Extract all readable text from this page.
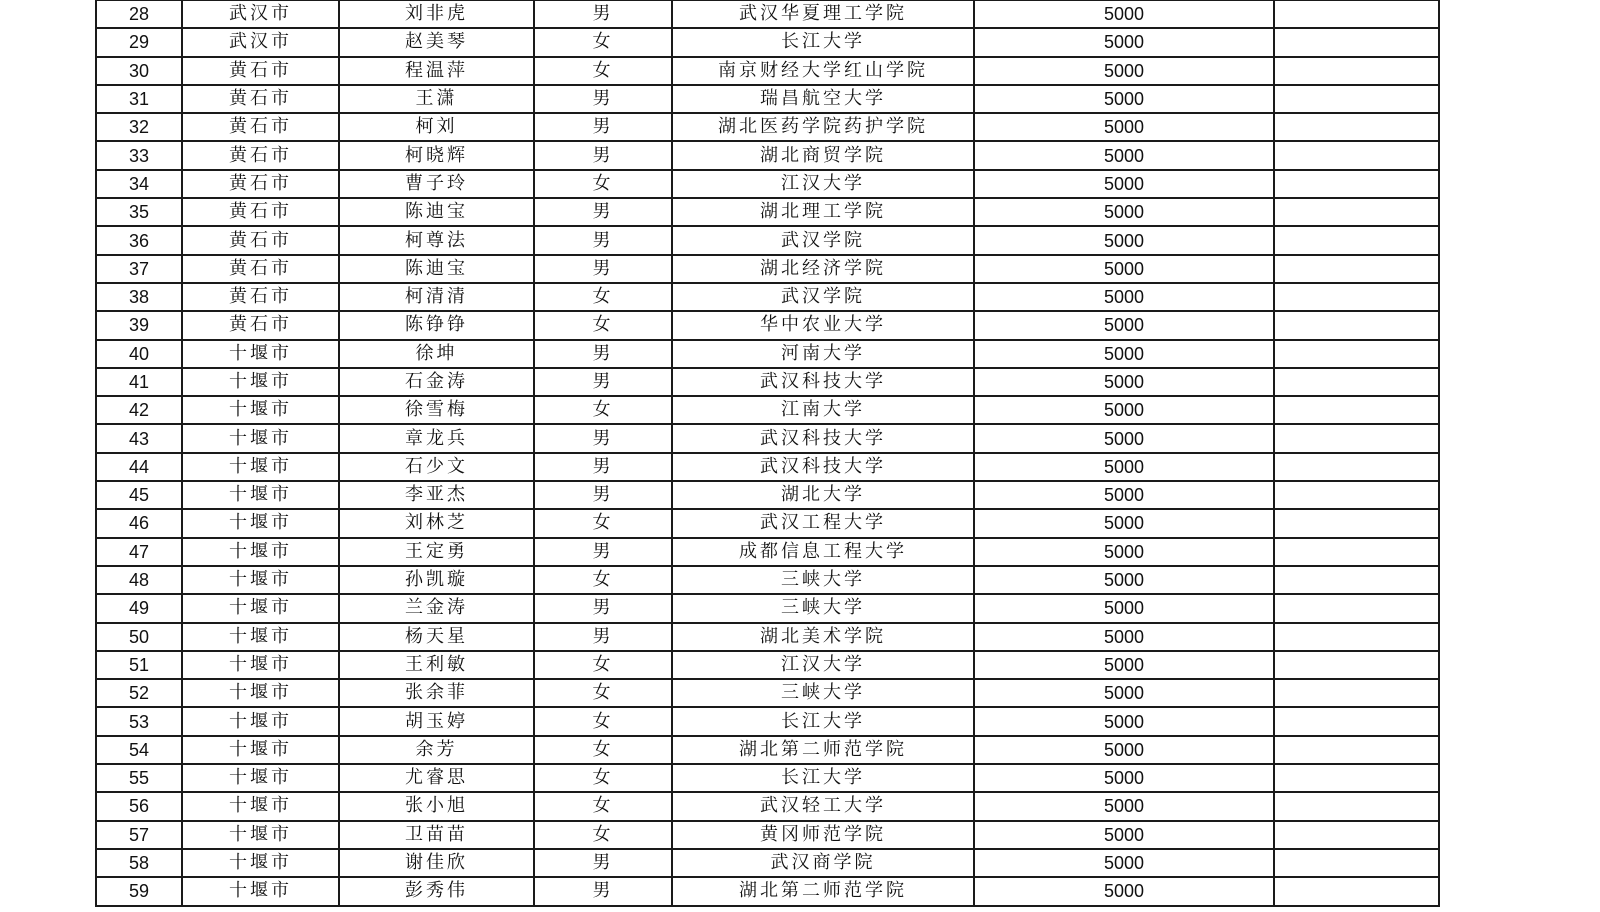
28	武汉市	刘非虎	男	武汉华夏理工学院	5000	
29	武汉市	赵美琴	女	长江大学	5000	
30	黄石市	程温萍	女	南京财经大学红山学院	5000	
31	黄石市	王潇	男	瑞昌航空大学	5000	
32	黄石市	柯刘	男	湖北医药学院药护学院	5000	
33	黄石市	柯晓辉	男	湖北商贸学院	5000	
34	黄石市	曹子玲	女	江汉大学	5000	
35	黄石市	陈迪宝	男	湖北理工学院	5000	
36	黄石市	柯尊法	男	武汉学院	5000	
37	黄石市	陈迪宝	男	湖北经济学院	5000	
38	黄石市	柯清清	女	武汉学院	5000	
39	黄石市	陈铮铮	女	华中农业大学	5000	
40	十堰市	徐坤	男	河南大学	5000	
41	十堰市	石金涛	男	武汉科技大学	5000	
42	十堰市	徐雪梅	女	江南大学	5000	
43	十堰市	章龙兵	男	武汉科技大学	5000	
44	十堰市	石少文	男	武汉科技大学	5000	
45	十堰市	李亚杰	男	湖北大学	5000	
46	十堰市	刘林芝	女	武汉工程大学	5000	
47	十堰市	王定勇	男	成都信息工程大学	5000	
48	十堰市	孙凯璇	女	三峡大学	5000	
49	十堰市	兰金涛	男	三峡大学	5000	
50	十堰市	杨天星	男	湖北美术学院	5000	
51	十堰市	王利敏	女	江汉大学	5000	
52	十堰市	张余菲	女	三峡大学	5000	
53	十堰市	胡玉婷	女	长江大学	5000	
54	十堰市	余芳	女	湖北第二师范学院	5000	
55	十堰市	尤睿思	女	长江大学	5000	
56	十堰市	张小旭	女	武汉轻工大学	5000	
57	十堰市	卫苗苗	女	黄冈师范学院	5000	
58	十堰市	谢佳欣	男	武汉商学院	5000	
59	十堰市	彭秀伟	男	湖北第二师范学院	5000	
